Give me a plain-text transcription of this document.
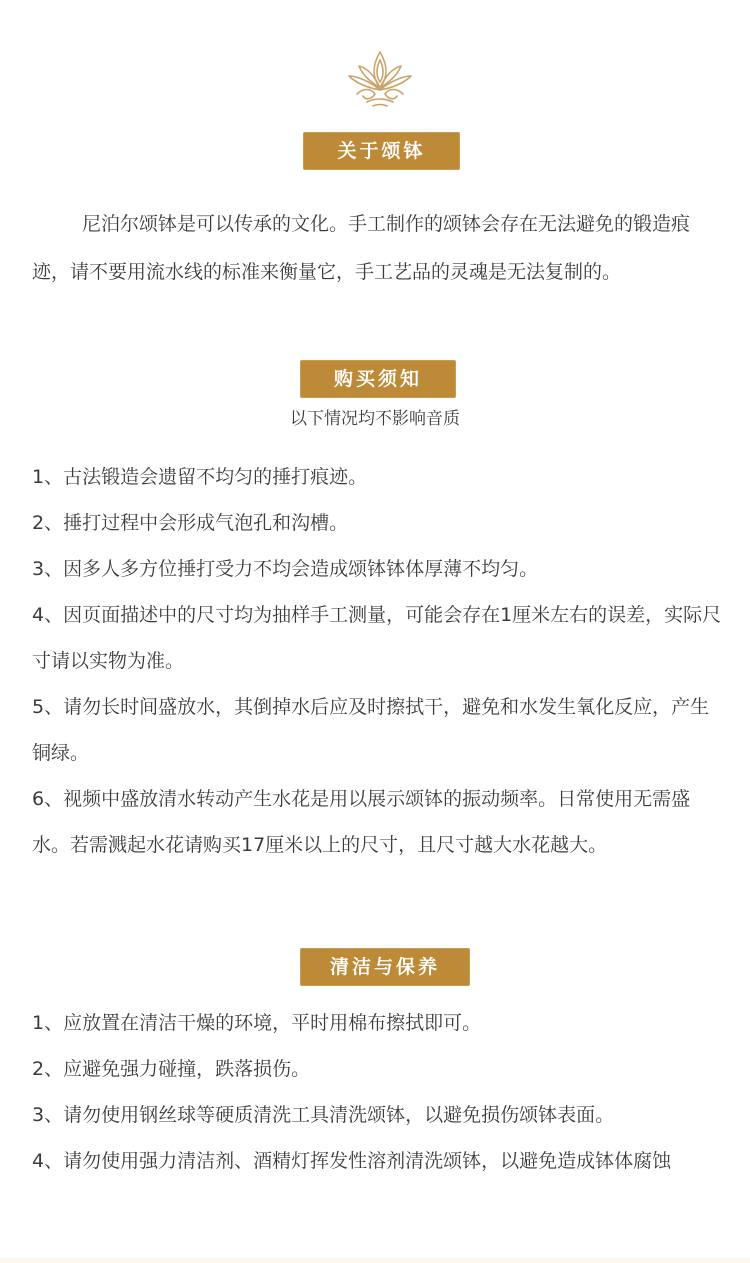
关于颂钵
尼泊尔颂钵是可以传承的文化。手工制作的颂钵会存在无法避免的锻造痕迹，请不要用流水线的标准来衡量它，手工艺品的灵魂是无法复制的。
购买须知
以下情况均不影响音质
1、古法锻造会遗留不均匀的捶打痕迹。
2、捶打过程中会形成气泡孔和沟槽。
3、因多人多方位捶打受力不均会造成颂钵钵体厚薄不均匀。
4、因页面描述中的尺寸均为抽样手工测量，可能会存在1厘米左右的误差，实际尺寸请以实物为准。
5、请勿长时间盛放水，其倒掉水后应及时擦拭干，避免和水发生氧化反应，产生铜绿。
6、视频中盛放清水转动产生水花是用以展示颂钵的振动频率。日常使用无需盛水。若需溅起水花请购买17厘米以上的尺寸，且尺寸越大水花越大。
清洁与保养
1、应放置在清洁干燥的环境，平时用棉布擦拭即可。
2、应避免强力碰撞，跌落损伤。
3、请勿使用钢丝球等硬质清洗工具清洗颂钵，以避免损伤颂钵表面。
4、请勿使用强力清洁剂、酒精灯挥发性溶剂清洗颂钵，以避免造成钵体腐蚀
